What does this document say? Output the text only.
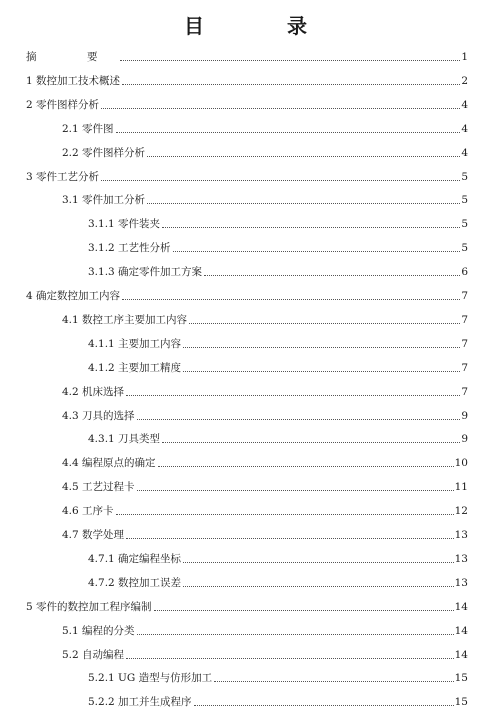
目 录
摘　要	1
1 数控加工技术概述	2
2 零件图样分析	4
2.1 零件图	4
2.2 零件图样分析	4
3 零件工艺分析	5
3.1 零件加工分析	5
3.1.1 零件装夹	5
3.1.2 工艺性分析	5
3.1.3 确定零件加工方案	6
4 确定数控加工内容	7
4.1 数控工序主要加工内容	7
4.1.1 主要加工内容	7
4.1.2 主要加工精度	7
4.2 机床选择	7
4.3 刀具的选择	9
4.3.1 刀具类型	9
4.4 编程原点的确定	10
4.5 工艺过程卡	11
4.6 工序卡	12
4.7 数学处理	13
4.7.1 确定编程坐标	13
4.7.2 数控加工误差	13
5 零件的数控加工程序编制	14
5.1 编程的分类	14
5.2 自动编程	14
5.2.1 UG 造型与仿形加工	15
5.2.2 加工并生成程序	15
